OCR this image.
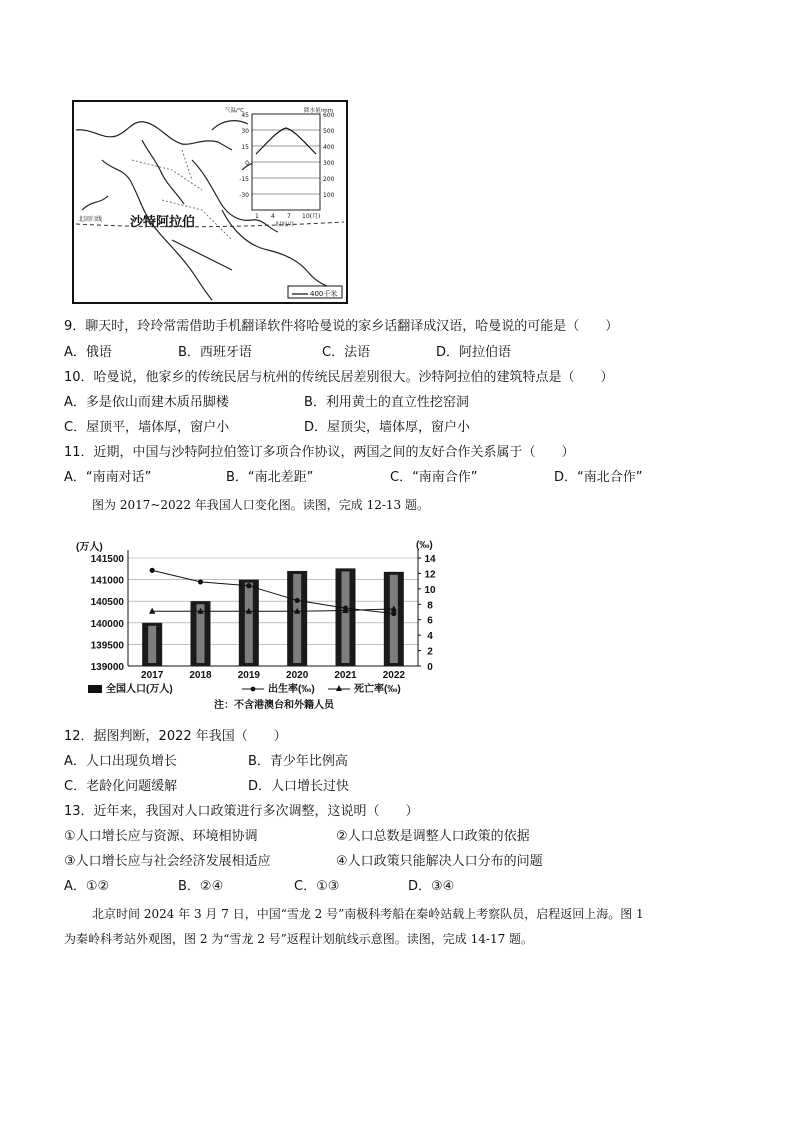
北回归线 沙特阿拉伯
气温/℃	降水量/mm
45
30
15
0
-15
-30
600
500
400
300
200
100
1 4 7 10(月)
时间/月
400千米
9．聊天时，玲玲常需借助手机翻译软件将哈曼说的家乡话翻译成汉语，哈曼说的可能是（　　）
A．俄语	B．西班牙语	C．法语	D．阿拉伯语
10．哈曼说，他家乡的传统民居与杭州的传统民居差别很大。沙特阿拉伯的建筑特点是（　　）
A．多是依山而建木质吊脚楼	B．利用黄土的直立性挖窑洞
C．屋顶平，墙体厚，窗户小	D．屋顶尖，墙体厚，窗户小
11．近期，中国与沙特阿拉伯签订多项合作协议，两国之间的友好合作关系属于（　　）
A．“南南对话”	B．“南北差距”	C．“南南合作”	D．“南北合作”
图为 2017~2022 年我国人口变化图。读图，完成 12-13 题。
(万人)	(‰)
141500
141000
140500
140000
139500
139000
14
12
10
8
6
4
2
0
2017	2018	2019	2020	2021	2022
全国人口(万人)	出生率(‰)	死亡率(‰)
注：不含港澳台和外籍人员
12．据图判断，2022 年我国（　　）
A．人口出现负增长	B．青少年比例高
C．老龄化问题缓解	D．人口增长过快
13．近年来，我国对人口政策进行多次调整，这说明（　　）
①人口增长应与资源、环境相协调	②人口总数是调整人口政策的依据
③人口增长应与社会经济发展相适应	④人口政策只能解决人口分布的问题
A．①②	B．②④	C．①③	D．③④
北京时间 2024 年 3 月 7 日，中国“雪龙 2 号”南极科考船在秦岭站载上考察队员，启程返回上海。图 1
为秦岭科考站外观图，图 2 为“雪龙 2 号”返程计划航线示意图。读图，完成 14-17 题。
